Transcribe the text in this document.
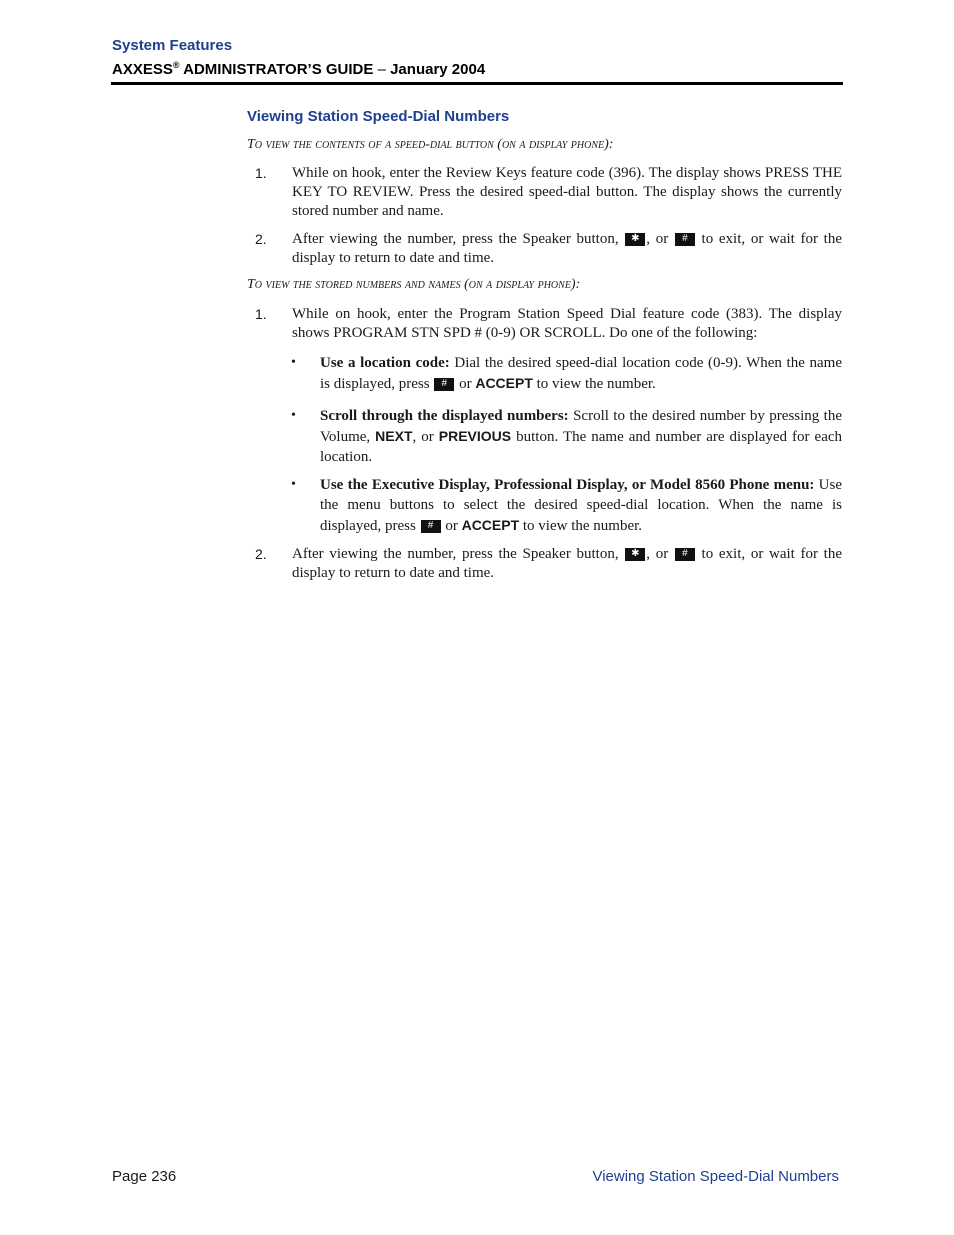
System Features
AXXESS® ADMINISTRATOR’S GUIDE – January 2004
Viewing Station Speed-Dial Numbers
To view the contents of a speed-dial button (on a display phone):
1. While on hook, enter the Review Keys feature code (396). The display shows PRESS THE KEY TO REVIEW. Press the desired speed-dial button. The display shows the currently stored number and name.
2. After viewing the number, press the Speaker button, ✱ , or # to exit, or wait for the display to return to date and time.
To view the stored numbers and names (on a display phone):
1. While on hook, enter the Program Station Speed Dial feature code (383). The display shows PROGRAM STN SPD # (0-9) OR SCROLL. Do one of the following:
• Use a location code: Dial the desired speed-dial location code (0-9). When the name is displayed, press # or ACCEPT to view the number.
• Scroll through the displayed numbers: Scroll to the desired number by pressing the Volume, NEXT, or PREVIOUS button. The name and number are displayed for each location.
• Use the Executive Display, Professional Display, or Model 8560 Phone menu: Use the menu buttons to select the desired speed-dial location. When the name is displayed, press # or ACCEPT to view the number.
2. After viewing the number, press the Speaker button, ✱ , or # to exit, or wait for the display to return to date and time.
Page 236	Viewing Station Speed-Dial Numbers
